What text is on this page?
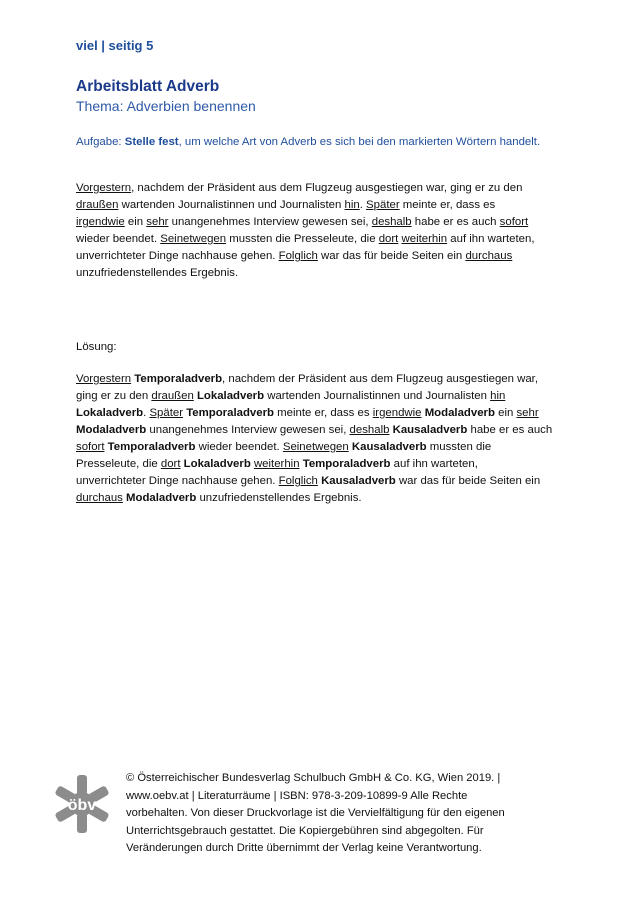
viel | seitig 5
Arbeitsblatt Adverb
Thema: Adverbien benennen
Aufgabe: Stelle fest, um welche Art von Adverb es sich bei den markierten Wörtern handelt.
Vorgestern, nachdem der Präsident aus dem Flugzeug ausgestiegen war, ging er zu den
draußen wartenden Journalistinnen und Journalisten hin. Später meinte er, dass es
irgendwie ein sehr unangenehmes Interview gewesen sei, deshalb habe er es auch sofort
wieder beendet. Seinetwegen mussten die Presseleute, die dort weiterhin auf ihn warteten,
unverrichteter Dinge nachhause gehen. Folglich war das für beide Seiten ein durchaus
unzufriedenstellendes Ergebnis.
Lösung:
Vorgestern Temporaladverb, nachdem der Präsident aus dem Flugzeug ausgestiegen war,
ging er zu den draußen Lokaladverb wartenden Journalistinnen und Journalisten hin
Lokaladverb. Später Temporaladverb meinte er, dass es irgendwie Modaladverb ein sehr
Modaladverb unangenehmes Interview gewesen sei, deshalb Kausaladverb habe er es auch
sofort Temporaladverb wieder beendet. Seinetwegen Kausaladverb mussten die
Presseleute, die dort Lokaladverb weiterhin Temporaladverb auf ihn warteten,
unverrichteter Dinge nachhause gehen. Folglich Kausaladverb war das für beide Seiten ein
durchaus Modaladverb unzufriedenstellendes Ergebnis.
öbv
© Österreichischer Bundesverlag Schulbuch GmbH & Co. KG, Wien 2019. |
www.oebv.at | Literaturräume | ISBN: 978-3-209-10899-9 Alle Rechte
vorbehalten. Von dieser Druckvorlage ist die Vervielfältigung für den eigenen
Unterrichtsgebrauch gestattet. Die Kopiergebühren sind abgegolten. Für
Veränderungen durch Dritte übernimmt der Verlag keine Verantwortung.
